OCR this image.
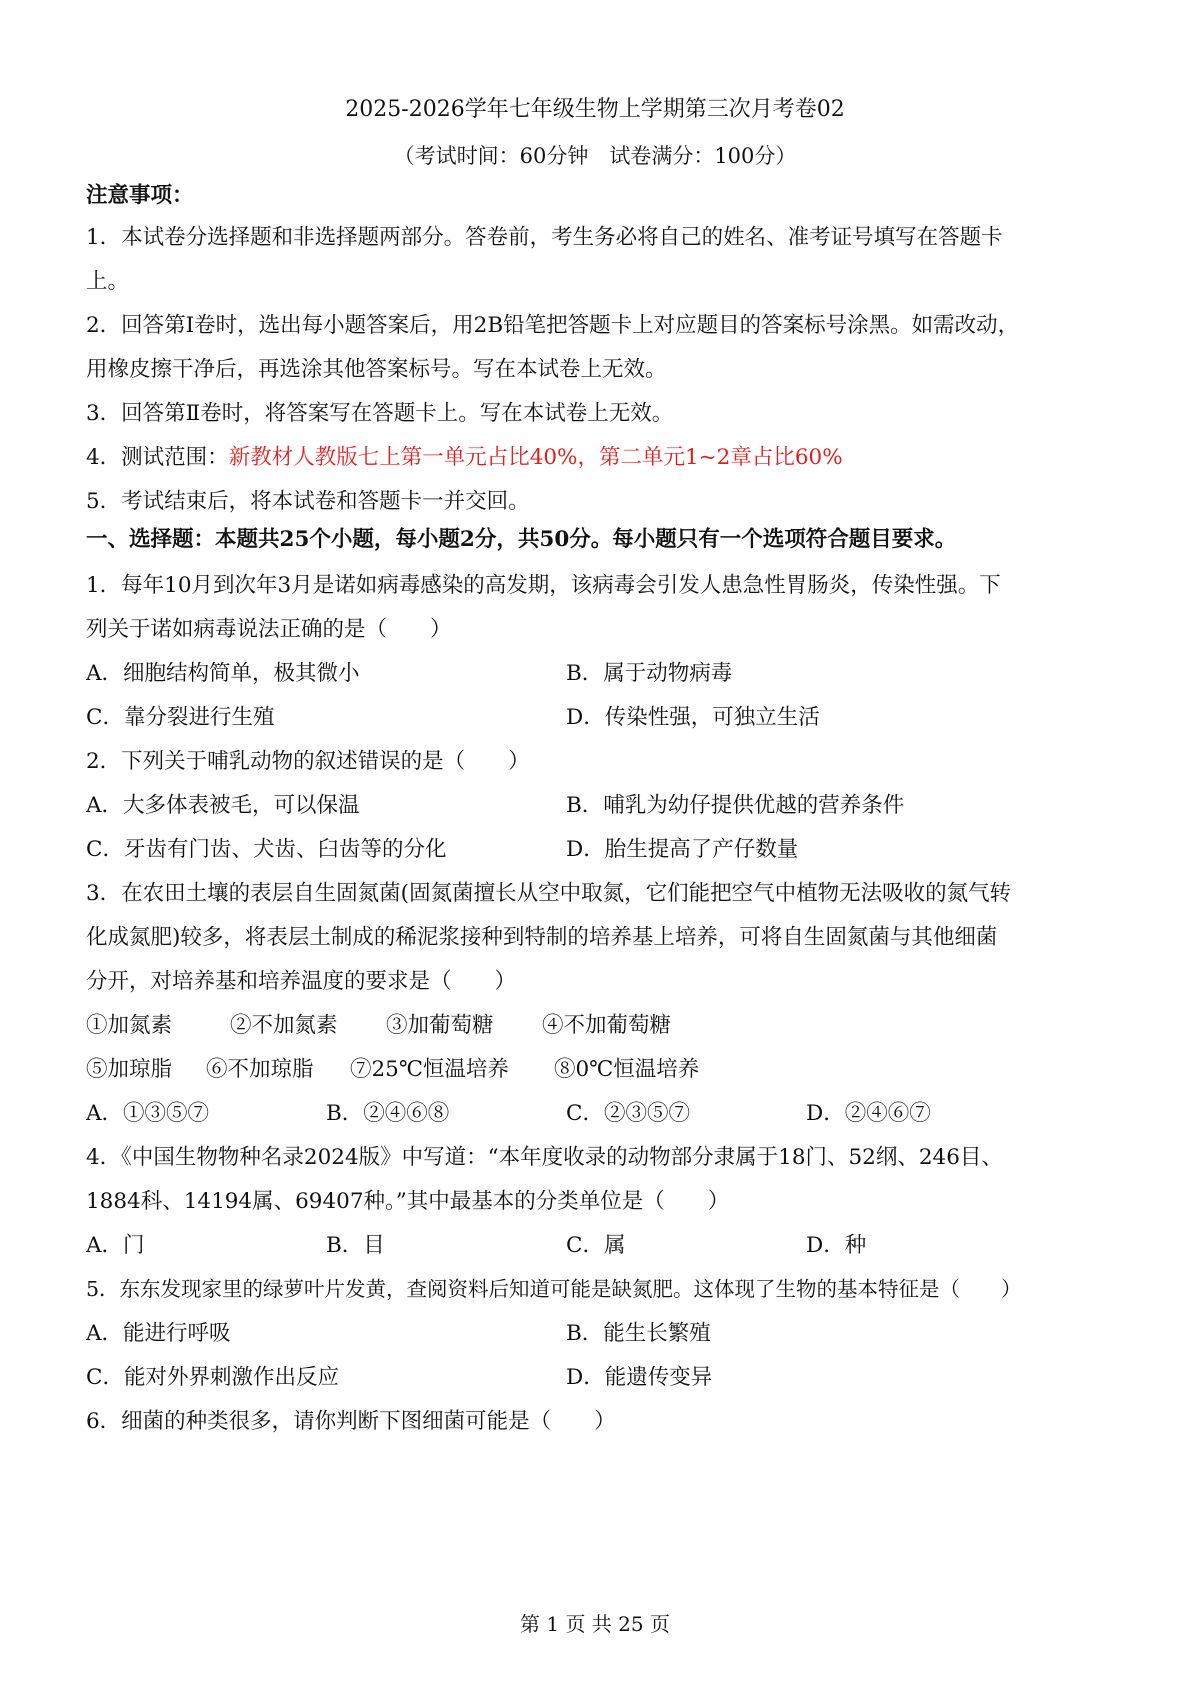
2025-2026学年七年级生物上学期第三次月考卷02
（考试时间：60分钟　试卷满分：100分）
注意事项：
1．本试卷分选择题和非选择题两部分。答卷前，考生务必将自己的姓名、准考证号填写在答题卡
上。
2．回答第Ⅰ卷时，选出每小题答案后，用2B铅笔把答题卡上对应题目的答案标号涂黑。如需改动，
用橡皮擦干净后，再选涂其他答案标号。写在本试卷上无效。
3．回答第Ⅱ卷时，将答案写在答题卡上。写在本试卷上无效。
4．测试范围：新教材人教版七上第一单元占比40%，第二单元1~2章占比60%
5．考试结束后，将本试卷和答题卡一并交回。
一、选择题：本题共25个小题，每小题2分，共50分。每小题只有一个选项符合题目要求。
1．每年10月到次年3月是诺如病毒感染的高发期，该病毒会引发人患急性胃肠炎，传染性强。下
列关于诺如病毒说法正确的是（　　）
A．细胞结构简单，极其微小	B．属于动物病毒
C．靠分裂进行生殖	D．传染性强，可独立生活
2．下列关于哺乳动物的叙述错误的是（　　）
A．大多体表被毛，可以保温	B．哺乳为幼仔提供优越的营养条件
C．牙齿有门齿、犬齿、臼齿等的分化	D．胎生提高了产仔数量
3．在农田土壤的表层自生固氮菌(固氮菌擅长从空中取氮，它们能把空气中植物无法吸收的氮气转
化成氮肥)较多，将表层土制成的稀泥浆接种到特制的培养基上培养，可将自生固氮菌与其他细菌
分开，对培养基和培养温度的要求是（　　）
①加氮素	②不加氮素 ③加葡萄糖 ④不加葡萄糖
⑤加琼脂 ⑥不加琼脂 ⑦25℃恒温培养 ⑧0℃恒温培养
A．①③⑤⑦	B．②④⑥⑧	C．②③⑤⑦	D．②④⑥⑦
4．《中国生物物种名录2024版》中写道：“本年度收录的动物部分隶属于18门、52纲、246目、
1884科、14194属、69407种。”其中最基本的分类单位是（　　）
A．门	B．目	C．属	D．种
5．东东发现家里的绿萝叶片发黄，查阅资料后知道可能是缺氮肥。这体现了生物的基本特征是（　　）
A．能进行呼吸	B．能生长繁殖
C．能对外界刺激作出反应	D．能遗传变异
6．细菌的种类很多，请你判断下图细菌可能是（　　）
第 1 页 共 25 页
